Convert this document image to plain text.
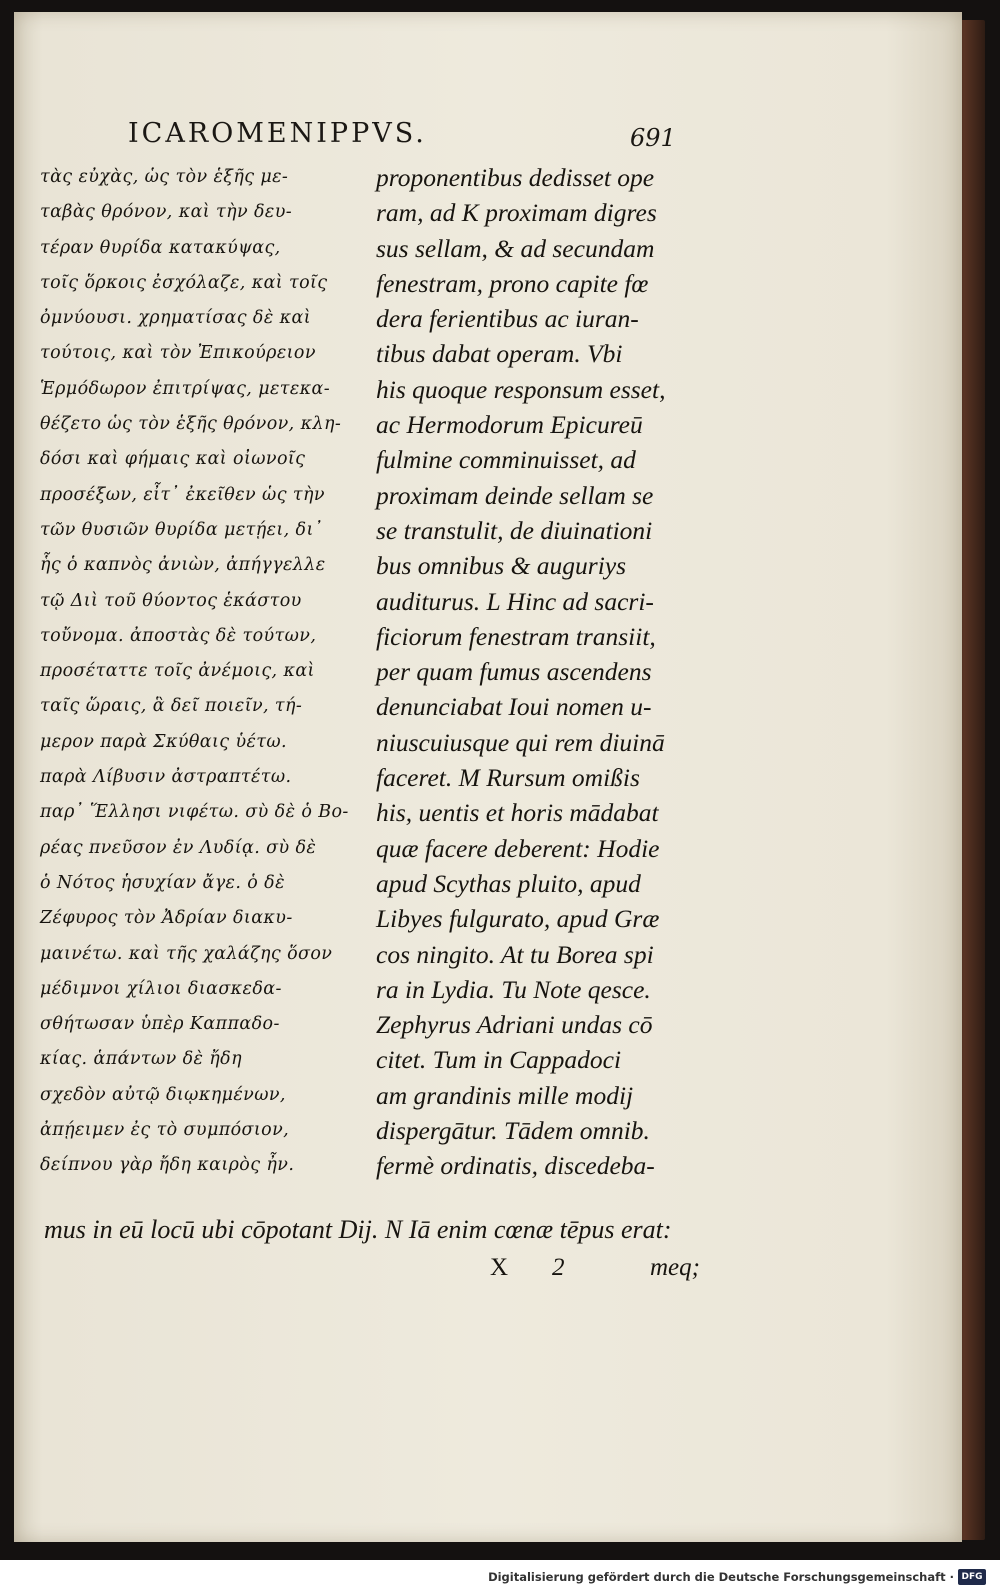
ICAROMENIPPVS.	691
τὰς εὐχὰς, ὡς τὸν ἑξῆς με-
ταβὰς θρόνον, καὶ τὴν δευ-
τέραν θυρίδα κατακύψας,
τοῖς ὅρκοις ἐσχόλαζε, καὶ τοῖς
ὀμνύουσι. χρηματίσας δὲ καὶ
τούτοις, καὶ τὸν Ἐπικούρειον
Ἑρμόδωρον ἐπιτρίψας, μετεκα-
θέζετο ὡς τὸν ἑξῆς θρόνον, κλη-
δόσι καὶ φήμαις καὶ οἰωνοῖς
προσέξων, εἶτ᾽ ἐκεῖθεν ὡς τὴν
τῶν θυσιῶν θυρίδα μετῄει, δι᾽
ἧς ὁ καπνὸς ἀνιὼν, ἀπήγγελλε
τῷ Διὶ τοῦ θύοντος ἑκάστου
τοὔνομα. ἀποστὰς δὲ τούτων,
προσέταττε τοῖς ἀνέμοις, καὶ
ταῖς ὥραις, ἃ δεῖ ποιεῖν, τή-
μερον παρὰ Σκύθαις ὑέτω.
παρὰ Λίβυσιν ἀστραπτέτω.
παρ᾽ Ἕλλησι νιφέτω. σὺ δὲ ὁ Βο-
ρέας πνεῦσον ἐν Λυδίᾳ. σὺ δὲ
ὁ Νότος ἡσυχίαν ἄγε. ὁ δὲ
Ζέφυρος τὸν Ἀδρίαν διακυ-
μαινέτω. καὶ τῆς χαλάζης ὅσον
μέδιμνοι χίλιοι διασκεδα-
σθήτωσαν ὑπὲρ Καππαδο-
κίας. ἁπάντων δὲ ἤδη
σχεδὸν αὐτῷ διῳκημένων,
ἀπῄειμεν ἐς τὸ συμπόσιον,
δείπνου γὰρ ἤδη καιρὸς ἦν.
proponentibus dedisset ope
ram, ad K proximam digres
sus sellam, & ad secundam
fenestram, prono capite fœ
dera ferientibus ac iuran-
tibus dabat operam. Vbi
his quoque responsum esset,
ac Hermodorum Epicureū
fulmine comminuisset, ad
proximam deinde sellam se
se transtulit, de diuinationi
bus omnibus & auguriys
auditurus. L Hinc ad sacri-
ficiorum fenestram transiit,
per quam fumus ascendens
denunciabat Ioui nomen u-
niuscuiusque qui rem diuinā
faceret. M Rursum omißis
his, uentis et horis mādabat
quæ facere deberent: Hodie
apud Scythas pluito, apud
Libyes fulgurato, apud Græ
cos ningito. At tu Borea spi
ra in Lydia. Tu Note qesce.
Zephyrus Adriani undas cō
citet. Tum in Cappadoci
am grandinis mille modij
dispergātur. Tādem omnib.
fermè ordinatis, discedeba-
mus in eū locū ubi cōpotant Dij. N Iā enim cœnæ tēpus erat:
X 2	meq;
Digitalisierung gefördert durch die Deutsche Forschungsgemeinschaft · DFG
